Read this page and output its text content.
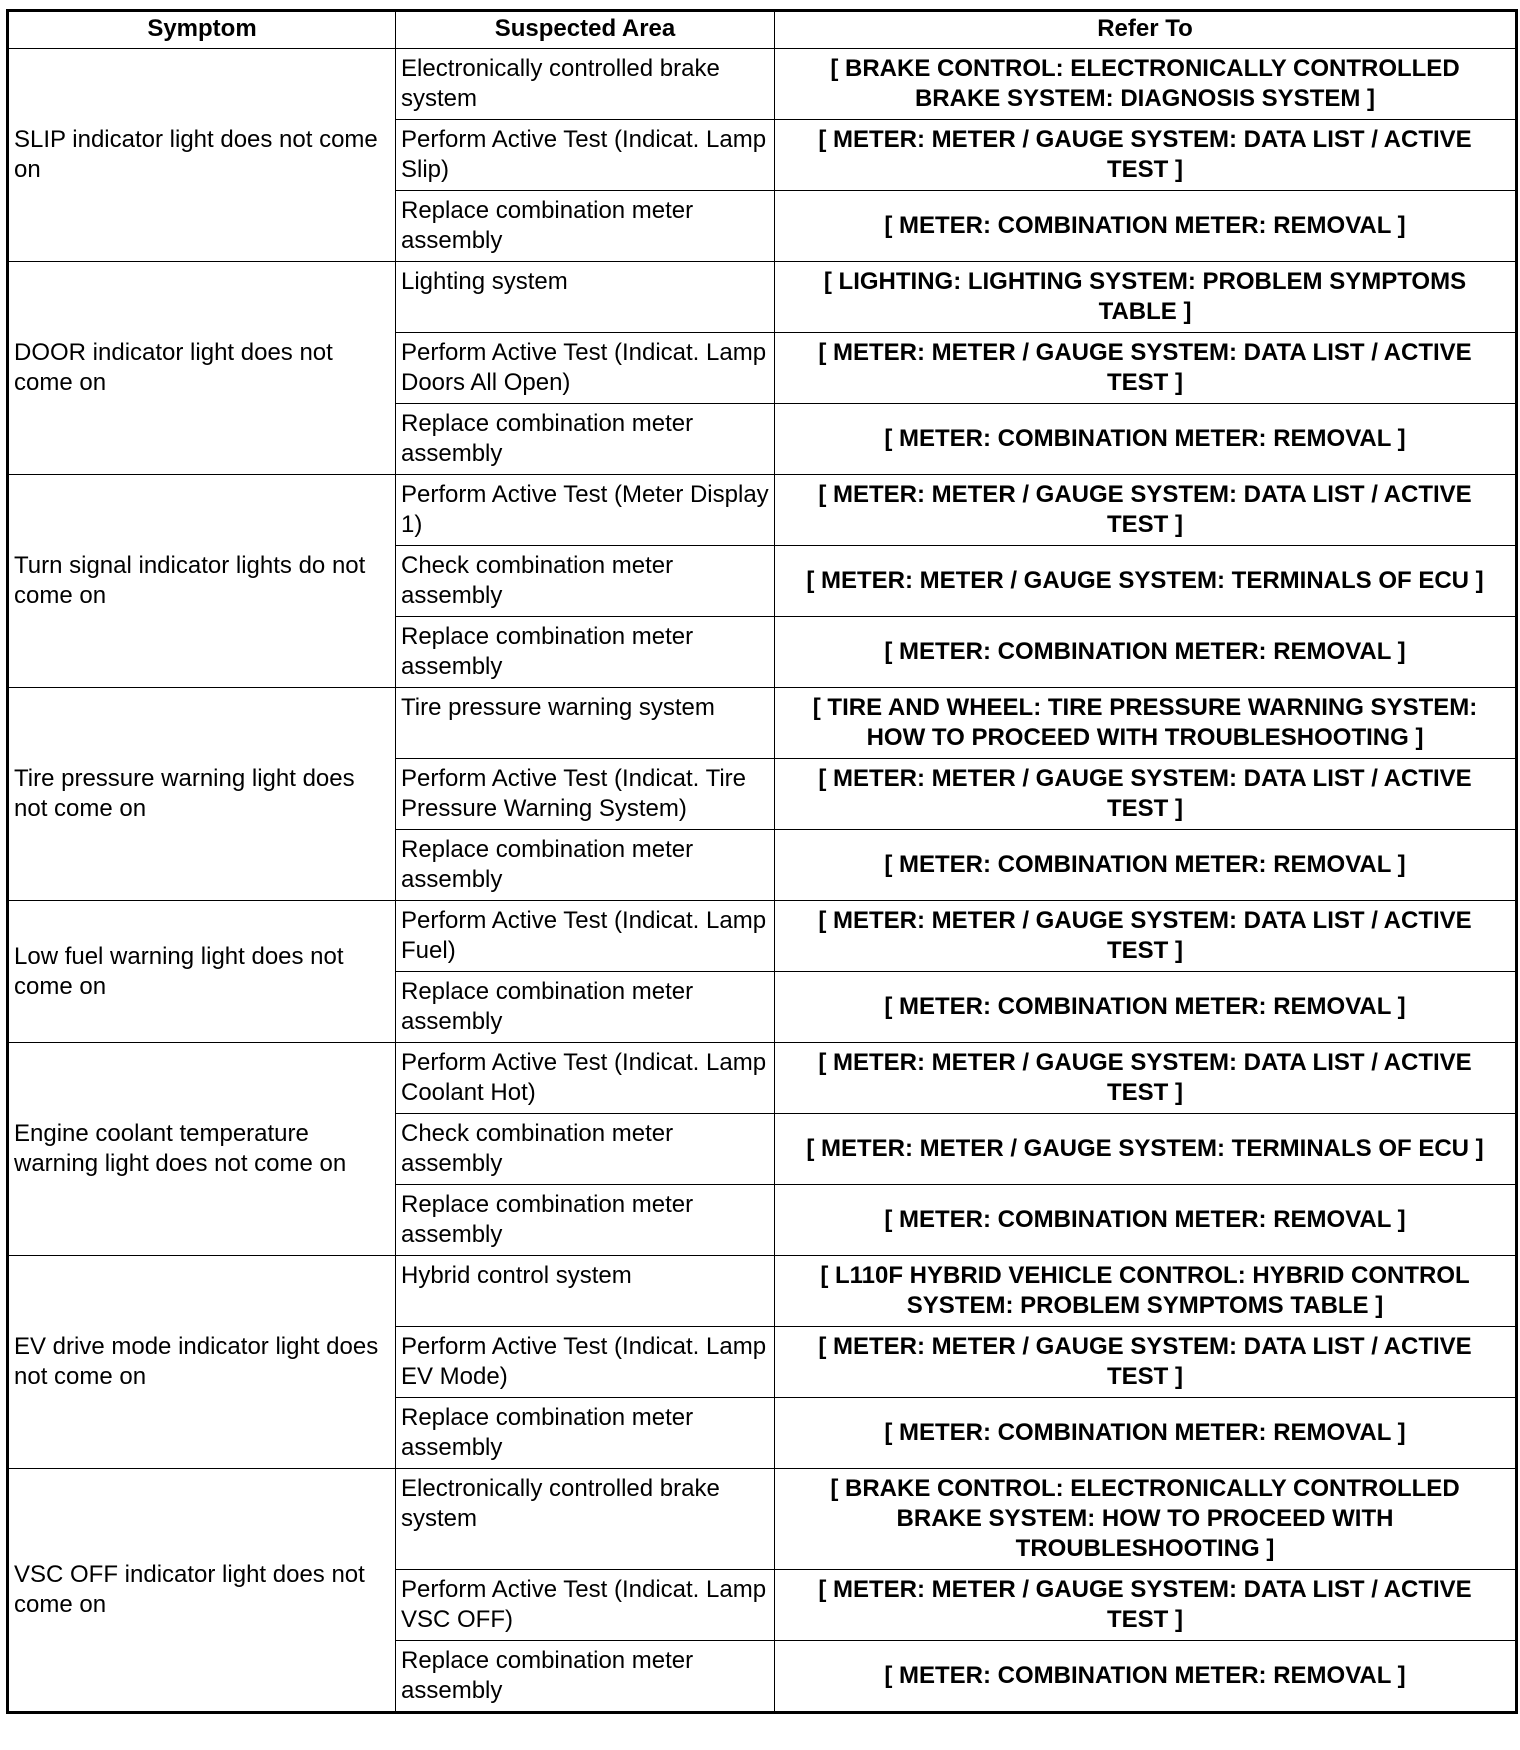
Symptom	Suspected Area	Refer To
SLIP indicator light does not come on	Electronically controlled brake system	[ BRAKE CONTROL: ELECTRONICALLY CONTROLLED BRAKE SYSTEM: DIAGNOSIS SYSTEM ]
	Perform Active Test (Indicat. Lamp Slip)	[ METER: METER / GAUGE SYSTEM: DATA LIST / ACTIVE TEST ]
	Replace combination meter assembly	[ METER: COMBINATION METER: REMOVAL ]
DOOR indicator light does not come on	Lighting system	[ LIGHTING: LIGHTING SYSTEM: PROBLEM SYMPTOMS TABLE ]
	Perform Active Test (Indicat. Lamp Doors All Open)	[ METER: METER / GAUGE SYSTEM: DATA LIST / ACTIVE TEST ]
	Replace combination meter assembly	[ METER: COMBINATION METER: REMOVAL ]
Turn signal indicator lights do not come on	Perform Active Test (Meter Display 1)	[ METER: METER / GAUGE SYSTEM: DATA LIST / ACTIVE TEST ]
	Check combination meter assembly	[ METER: METER / GAUGE SYSTEM: TERMINALS OF ECU ]
	Replace combination meter assembly	[ METER: COMBINATION METER: REMOVAL ]
Tire pressure warning light does not come on	Tire pressure warning system	[ TIRE AND WHEEL: TIRE PRESSURE WARNING SYSTEM: HOW TO PROCEED WITH TROUBLESHOOTING ]
	Perform Active Test (Indicat. Tire Pressure Warning System)	[ METER: METER / GAUGE SYSTEM: DATA LIST / ACTIVE TEST ]
	Replace combination meter assembly	[ METER: COMBINATION METER: REMOVAL ]
Low fuel warning light does not come on	Perform Active Test (Indicat. Lamp Fuel)	[ METER: METER / GAUGE SYSTEM: DATA LIST / ACTIVE TEST ]
	Replace combination meter assembly	[ METER: COMBINATION METER: REMOVAL ]
Engine coolant temperature warning light does not come on	Perform Active Test (Indicat. Lamp Coolant Hot)	[ METER: METER / GAUGE SYSTEM: DATA LIST / ACTIVE TEST ]
	Check combination meter assembly	[ METER: METER / GAUGE SYSTEM: TERMINALS OF ECU ]
	Replace combination meter assembly	[ METER: COMBINATION METER: REMOVAL ]
EV drive mode indicator light does not come on	Hybrid control system	[ L110F HYBRID VEHICLE CONTROL: HYBRID CONTROL SYSTEM: PROBLEM SYMPTOMS TABLE ]
	Perform Active Test (Indicat. Lamp EV Mode)	[ METER: METER / GAUGE SYSTEM: DATA LIST / ACTIVE TEST ]
	Replace combination meter assembly	[ METER: COMBINATION METER: REMOVAL ]
VSC OFF indicator light does not come on	Electronically controlled brake system	[ BRAKE CONTROL: ELECTRONICALLY CONTROLLED BRAKE SYSTEM: HOW TO PROCEED WITH TROUBLESHOOTING ]
	Perform Active Test (Indicat. Lamp VSC OFF)	[ METER: METER / GAUGE SYSTEM: DATA LIST / ACTIVE TEST ]
	Replace combination meter assembly	[ METER: COMBINATION METER: REMOVAL ]
